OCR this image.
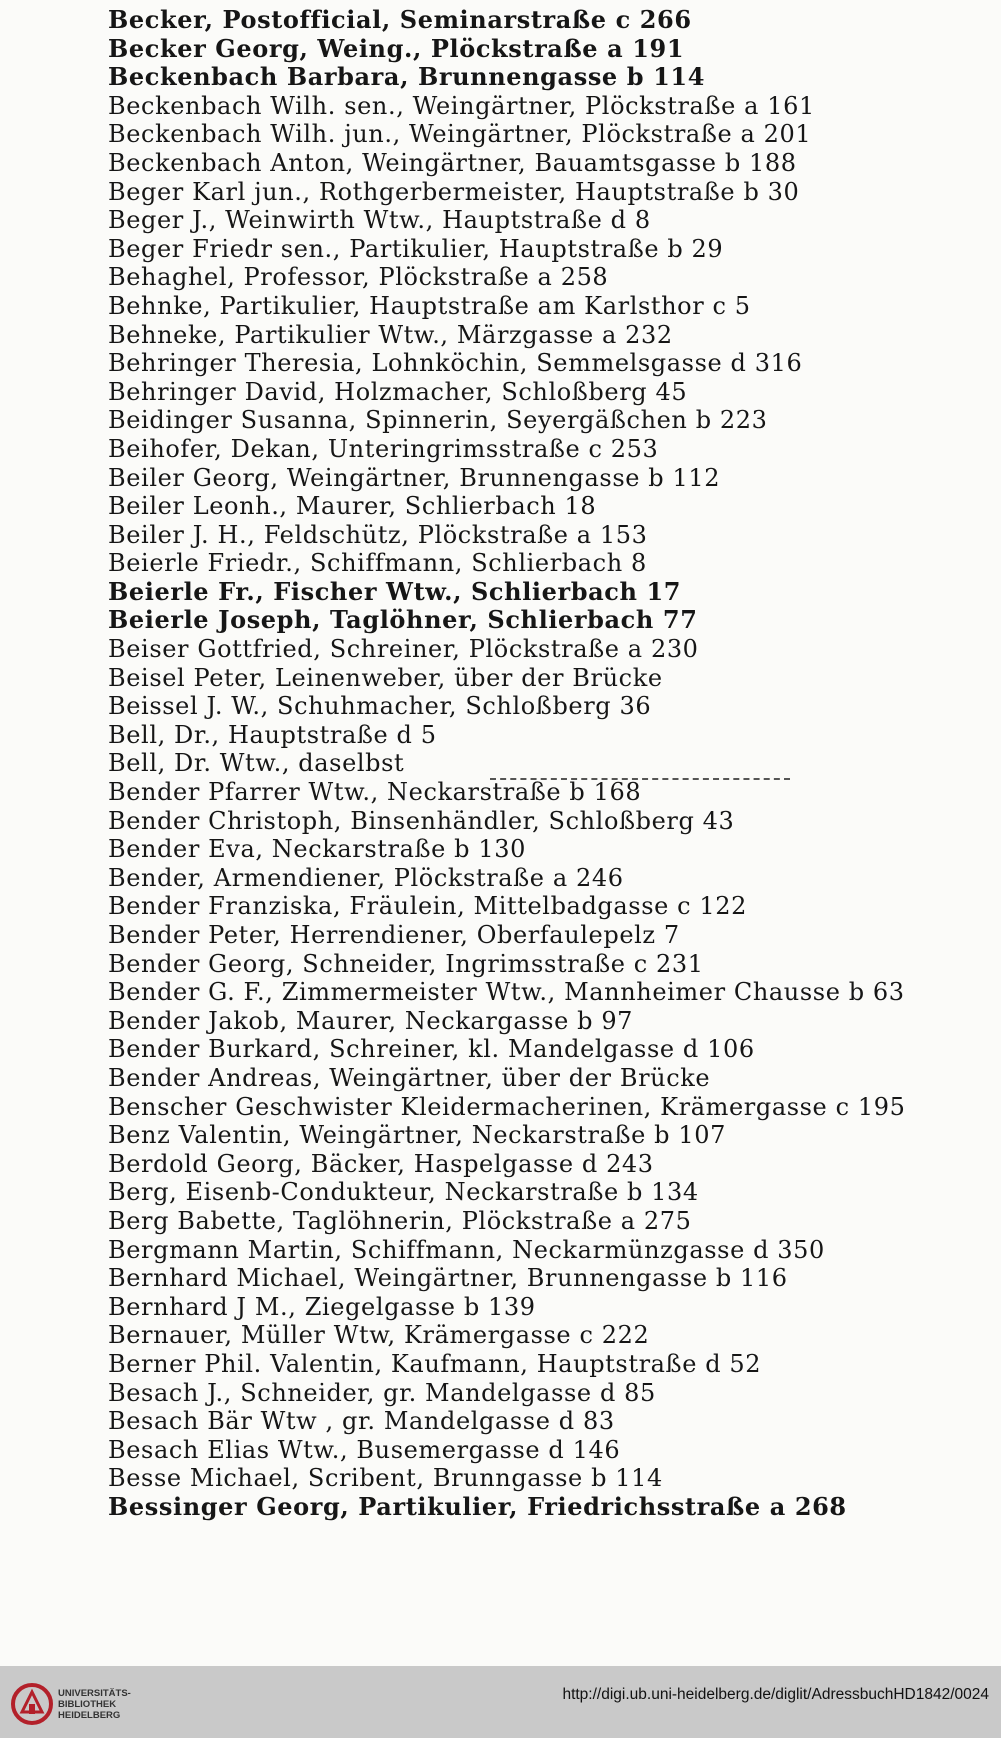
Becker, Postofficial, Seminarstraße c 266
Becker Georg, Weing., Plöckstraße a 191
Beckenbach Barbara, Brunnengasse b 114
Beckenbach Wilh. sen., Weingärtner, Plöckstraße a 161
Beckenbach Wilh. jun., Weingärtner, Plöckstraße a 201
Beckenbach Anton, Weingärtner, Bauamtsgasse b 188
Beger Karl jun., Rothgerbermeister, Hauptstraße b 30
Beger J., Weinwirth Wtw., Hauptstraße d 8
Beger Friedr sen., Partikulier, Hauptstraße b 29
Behaghel, Professor, Plöckstraße a 258
Behnke, Partikulier, Hauptstraße am Karlsthor c 5
Behneke, Partikulier Wtw., Märzgasse a 232
Behringer Theresia, Lohnköchin, Semmelsgasse d 316
Behringer David, Holzmacher, Schloßberg 45
Beidinger Susanna, Spinnerin, Seyergäßchen b 223
Beihofer, Dekan, Unteringrimsstraße c 253
Beiler Georg, Weingärtner, Brunnengasse b 112
Beiler Leonh., Maurer, Schlierbach 18
Beiler J. H., Feldschütz, Plöckstraße a 153
Beierle Friedr., Schiffmann, Schlierbach 8
Beierle Fr., Fischer Wtw., Schlierbach 17
Beierle Joseph, Taglöhner, Schlierbach 77
Beiser Gottfried, Schreiner, Plöckstraße a 230
Beisel Peter, Leinenweber, über der Brücke
Beissel J. W., Schuhmacher, Schloßberg 36
Bell, Dr., Hauptstraße d 5
Bell, Dr. Wtw., daselbst
Bender Pfarrer Wtw., Neckarstraße b 168
Bender Christoph, Binsenhändler, Schloßberg 43
Bender Eva, Neckarstraße b 130
Bender, Armendiener, Plöckstraße a 246
Bender Franziska, Fräulein, Mittelbadgasse c 122
Bender Peter, Herrendiener, Oberfaulepelz 7
Bender Georg, Schneider, Ingrimsstraße c 231
Bender G. F., Zimmermeister Wtw., Mannheimer Chausse b 63
Bender Jakob, Maurer, Neckargasse b 97
Bender Burkard, Schreiner, kl. Mandelgasse d 106
Bender Andreas, Weingärtner, über der Brücke
Benscher Geschwister Kleidermacherinen, Krämergasse c 195
Benz Valentin, Weingärtner, Neckarstraße b 107
Berdold Georg, Bäcker, Haspelgasse d 243
Berg, Eisenb-Condukteur, Neckarstraße b 134
Berg Babette, Taglöhnerin, Plöckstraße a 275
Bergmann Martin, Schiffmann, Neckarmünzgasse d 350
Bernhard Michael, Weingärtner, Brunnengasse b 116
Bernhard J M., Ziegelgasse b 139
Bernauer, Müller Wtw, Krämergasse c 222
Berner Phil. Valentin, Kaufmann, Hauptstraße d 52
Besach J., Schneider, gr. Mandelgasse d 85
Besach Bär Wtw , gr. Mandelgasse d 83
Besach Elias Wtw., Busemergasse d 146
Besse Michael, Scribent, Brunngasse b 114
Bessinger Georg, Partikulier, Friedrichsstraße a 268
UNIVERSITÄTS-
BIBLIOTHEK
HEIDELBERG
http://digi.ub.uni-heidelberg.de/diglit/AdressbuchHD1842/0024
